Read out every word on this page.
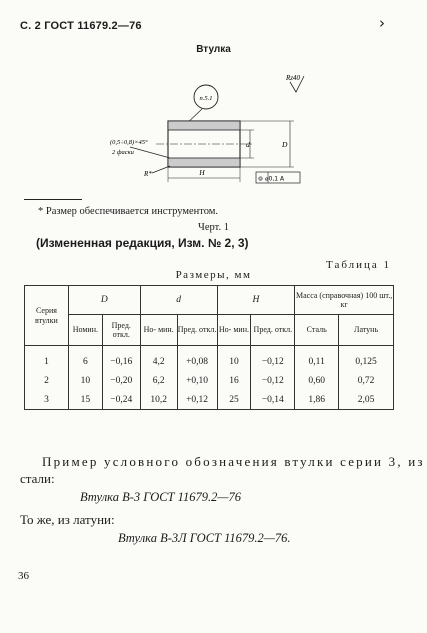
С. 2 ГОСТ 11679.2—76	›
Втулка
Rz40
п.5.1
(0,5÷0,8)×45°
2 фаски
R*
d	D
H
⊚ ⌀0,1 А
* Размер обеспечивается инструментом.
Черт. 1
(Измененная редакция, Изм. № 2, 3)
Таблица 1
Размеры, мм
Серия втулки	D		d		H		Масса (справочная) 100 шт., кг	
	Номин.	Пред. откл.	Но- мин.	Пред. откл.	Но- мин.	Пред. откл.	Сталь	Латунь
1	6	−0,16	4,2	+0,08	10	−0,12	0,11	0,125
2	10	−0,20	6,2	+0,10	16	−0,12	0,60	0,72
3	15	−0,24	10,2	+0,12	25	−0,14	1,86	2,05
Пример условного обозначения втулки серии 3, из
стали:
Втулка В-3 ГОСТ 11679.2—76
То же, из латуни:
Втулка В-3Л ГОСТ 11679.2—76.
36
